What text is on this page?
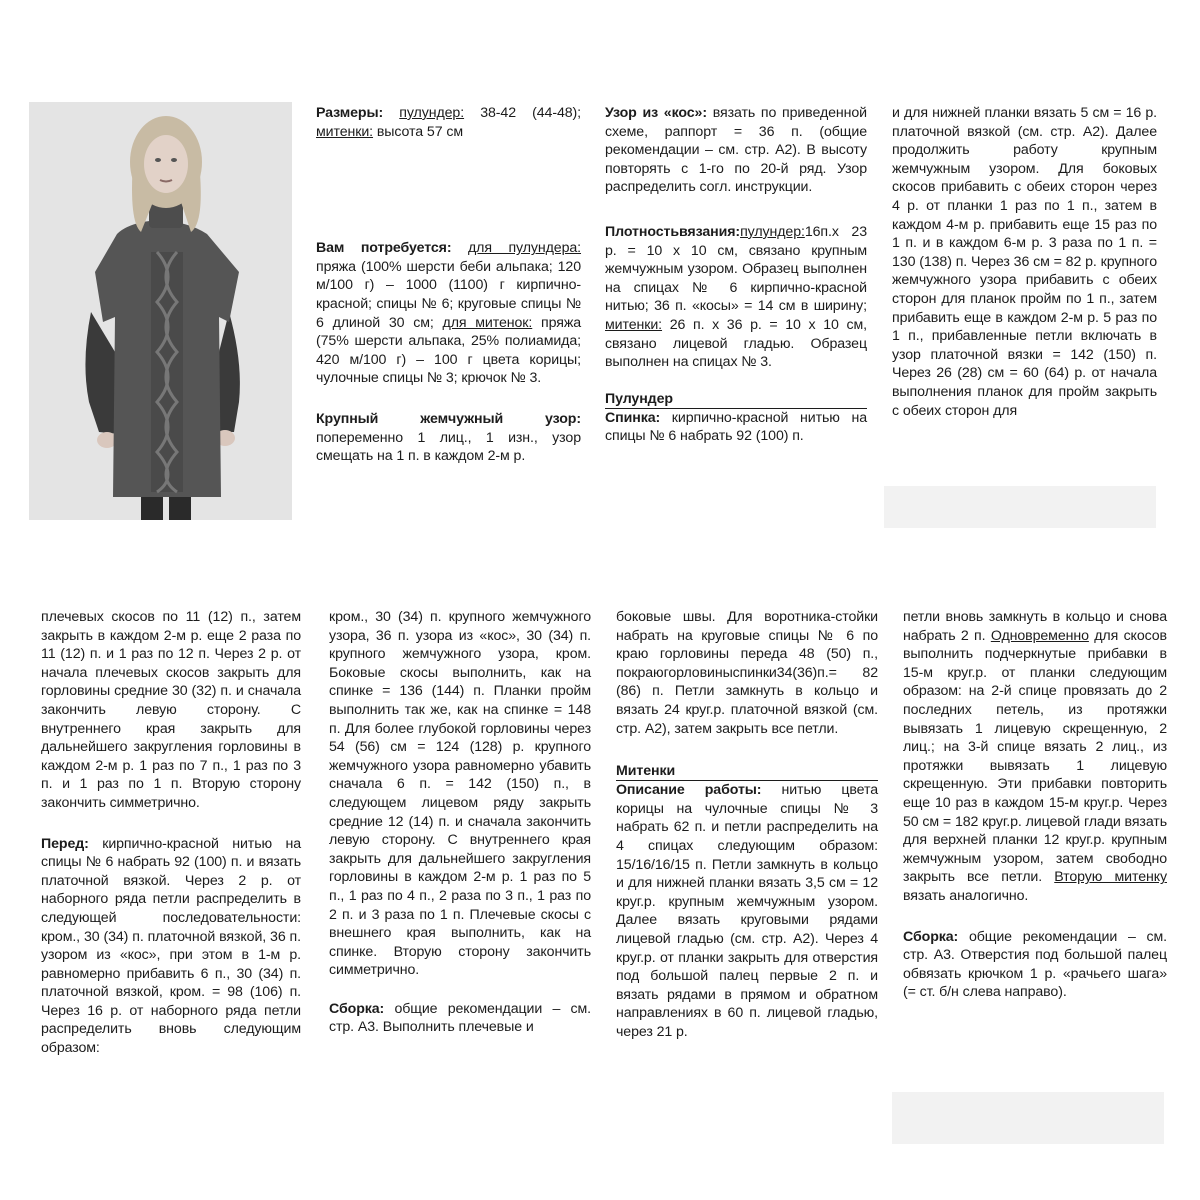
Размеры: пулундер: 38-42 (44-48); митенки: высота 57 см

Вам потребуется: для пулундера: пряжа (100% шерсти беби альпака; 120 м/100 г) – 1000 (1100) г кирпично-красной; спицы № 6; круговые спицы № 6 длиной 30 см; для митенок: пряжа (75% шерсти альпака, 25% полиамида; 420 м/100 г) – 100 г цвета корицы; чулочные спицы № 3; крючок № 3.

Крупный жемчужный узор: попеременно 1 лиц., 1 изн., узор смещать на 1 п. в каждом 2-м р.

Узор из «кос»: вязать по приведенной схеме, раппорт = 36 п. (общие рекомендации – см. стр. А2). В высоту повторять с 1-го по 20-й ряд. Узор распределить согл. инструкции.

Плотностьвязания:пулундер:16п.х 23 р. = 10 х 10 см, связано крупным жемчужным узором. Образец выполнен на спицах № 6 кирпично-красной нитью; 36 п. «косы» = 14 см в ширину; митенки: 26 п. х 36 р. = 10 х 10 см, связано лицевой гладью. Образец выполнен на спицах № 3.

Пулундер

Спинка: кирпично-красной нитью на спицы № 6 набрать 92 (100) п.

и для нижней планки вязать 5 см = 16 р. платочной вязкой (см. стр. А2). Далее продолжить работу крупным жемчужным узором. Для боковых скосов прибавить с обеих сторон через 4 р. от планки 1 раз по 1 п., затем в каждом 4-м р. прибавить еще 15 раз по 1 п. и в каждом 6-м р. 3 раза по 1 п. = 130 (138) п. Через 36 см = 82 р. крупного жемчужного узора прибавить с обеих сторон для планок пройм по 1 п., затем прибавить еще в каждом 2-м р. 5 раз по 1 п., прибавленные петли включать в узор платочной вязки = 142 (150) п. Через 26 (28) см = 60 (64) р. от начала выполнения планок для пройм закрыть с обеих сторон для

плечевых скосов по 11 (12) п., затем закрыть в каждом 2-м р. еще 2 раза по 11 (12) п. и 1 раз по 12 п. Через 2 р. от начала плечевых скосов закрыть для горловины средние 30 (32) п. и сначала закончить левую сторону. С внутреннего края закрыть для дальнейшего закругления горловины в каждом 2-м р. 1 раз по 7 п., 1 раз по 3 п. и 1 раз по 1 п. Вторую сторону закончить симметрично.

Перед: кирпично-красной нитью на спицы № 6 набрать 92 (100) п. и вязать платочной вязкой. Через 2 р. от наборного ряда петли распределить в следующей последовательности: кром., 30 (34) п. платочной вязкой, 36 п. узором из «кос», при этом в 1-м р. равномерно прибавить 6 п., 30 (34) п. платочной вязкой, кром. = 98 (106) п. Через 16 р. от наборного ряда петли распределить вновь следующим образом:

кром., 30 (34) п. крупного жемчужного узора, 36 п. узора из «кос», 30 (34) п. крупного жемчужного узора, кром. Боковые скосы выполнить, как на спинке = 136 (144) п. Планки пройм выполнить так же, как на спинке = 148 п. Для более глубокой горловины через 54 (56) см = 124 (128) р. крупного жемчужного узора равномерно убавить сначала 6 п. = 142 (150) п., в следующем лицевом ряду закрыть средние 12 (14) п. и сначала закончить левую сторону. С внутреннего края закрыть для дальнейшего закругления горловины в каждом 2-м р. 1 раз по 5 п., 1 раз по 4 п., 2 раза по 3 п., 1 раз по 2 п. и 3 раза по 1 п. Плечевые скосы с внешнего края выполнить, как на спинке. Вторую сторону закончить симметрично.

Сборка: общие рекомендации – см. стр. А3. Выполнить плечевые и

боковые швы. Для воротника-стойки набрать на круговые спицы № 6 по краю горловины переда 48 (50) п., покраюгорловиныспинки34(36)п.= 82 (86) п. Петли замкнуть в кольцо и вязать 24 круг.р. платочной вязкой (см. стр. А2), затем закрыть все петли.

Митенки

Описание работы: нитью цвета корицы на чулочные спицы № 3 набрать 62 п. и петли распределить на 4 спицах следующим образом: 15/16/16/15 п. Петли замкнуть в кольцо и для нижней планки вязать 3,5 см = 12 круг.р. крупным жемчужным узором. Далее вязать круговыми рядами лицевой гладью (см. стр. А2). Через 4 круг.р. от планки закрыть для отверстия под большой палец первые 2 п. и вязать рядами в прямом и обратном направлениях в 60 п. лицевой гладью, через 21 р.

петли вновь замкнуть в кольцо и снова набрать 2 п. Одновременно для скосов выполнить подчеркнутые прибавки в 15-м круг.р. от планки следующим образом: на 2-й спице провязать до 2 последних петель, из протяжки вывязать 1 лицевую скрещенную, 2 лиц.; на 3-й спице вязать 2 лиц., из протяжки вывязать 1 лицевую скрещенную. Эти прибавки повторить еще 10 раз в каждом 15-м круг.р. Через 50 см = 182 круг.р. лицевой глади вязать для верхней планки 12 круг.р. крупным жемчужным узором, затем свободно закрыть все петли. Вторую митенку вязать аналогично.

Сборка: общие рекомендации – см. стр. А3. Отверстия под большой палец обвязать крючком 1 р. «рачьего шага» (= ст. б/н слева направо).
